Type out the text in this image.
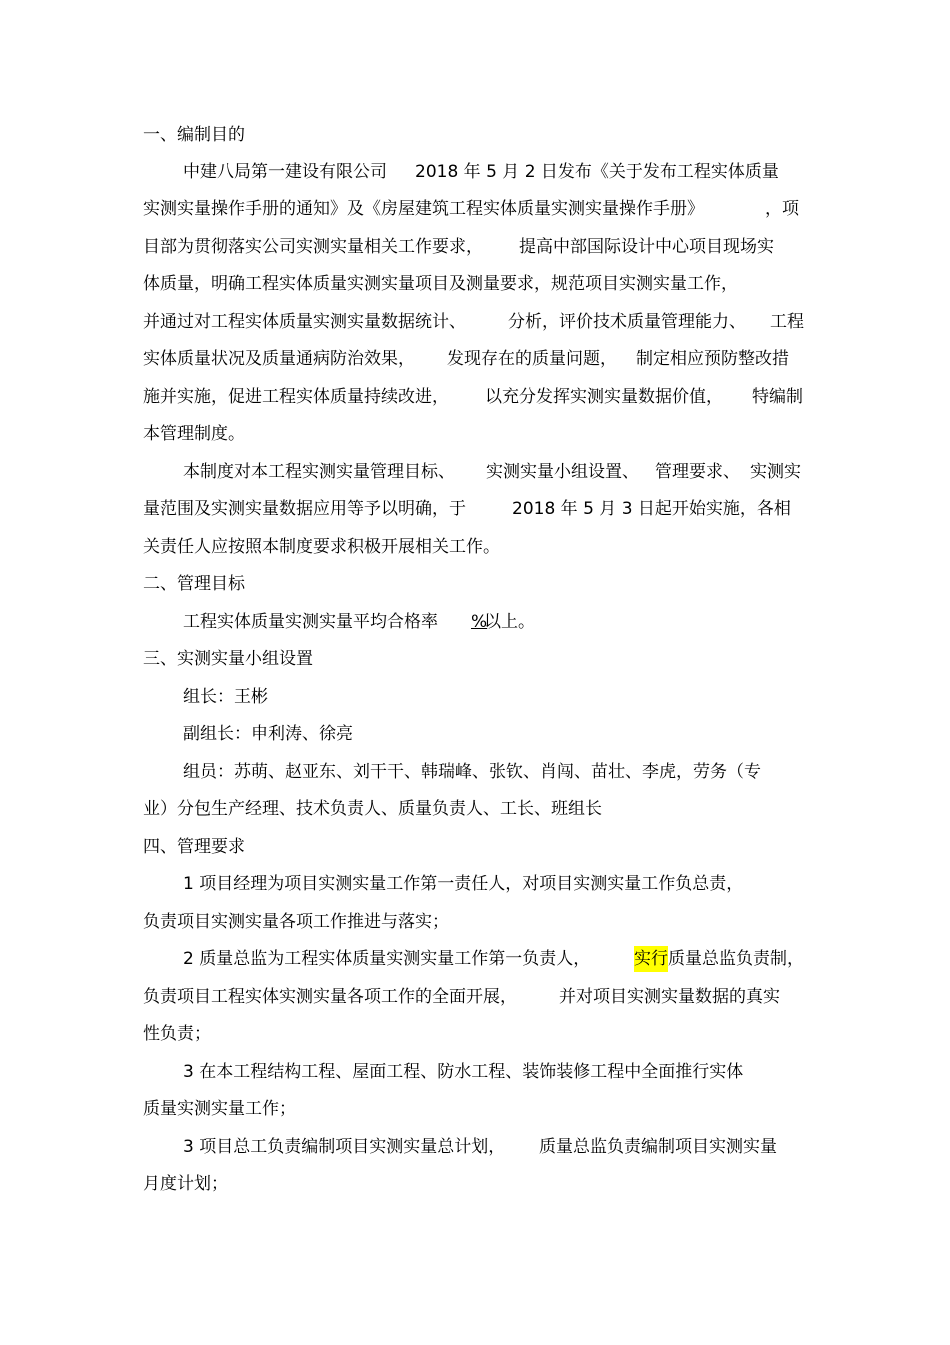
一、编制目的
中建八局第一建设有限公司 2018 年 5 月 2 日发布《关于发布工程实体质量
实测实量操作手册的通知》及《房屋建筑工程实体质量实测实量操作手册》	，项
目部为贯彻落实公司实测实量相关工作要求， 提高中部国际设计中心项目现场实
体质量，明确工程实体质量实测实量项目及测量要求，规范项目实测实量工作，
并通过对工程实体质量实测实量数据统计、 分析，评价技术质量管理能力、 工程
实体质量状况及质量通病防治效果， 发现存在的质量问题， 制定相应预防整改措
施并实施，促进工程实体质量持续改进， 以充分发挥实测实量数据价值， 特编制
本管理制度。
本制度对本工程实测实量管理目标、 实测实量小组设置、 管理要求、 实测实
量范围及实测实量数据应用等予以明确，于	2018 年 5 月 3 日起开始实施，各相
关责任人应按照本制度要求积极开展相关工作。
二、管理目标
工程实体质量实测实量平均合格率 %
以上。
三、实测实量小组设置
组长：王彬
副组长：申利涛、徐亮
组员：苏萌、赵亚东、刘干干、韩瑞峰、张钦、肖闯、苗壮、李虎，劳务（专
业）分包生产经理、技术负责人、质量负责人、工长、班组长
四、管理要求
1 项目经理为项目实测实量工作第一责任人，对项目实测实量工作负总责，
负责项目实测实量各项工作推进与落实；
2 质量总监为工程实体质量实测实量工作第一负责人，	实行 质量总监负责制，
负责项目工程实体实测实量各项工作的全面开展， 并对项目实测实量数据的真实
性负责；
3 在本工程结构工程、屋面工程、防水工程、装饰装修工程中全面推行实体
质量实测实量工作；
3 项目总工负责编制项目实测实量总计划， 质量总监负责编制项目实测实量
月度计划；
